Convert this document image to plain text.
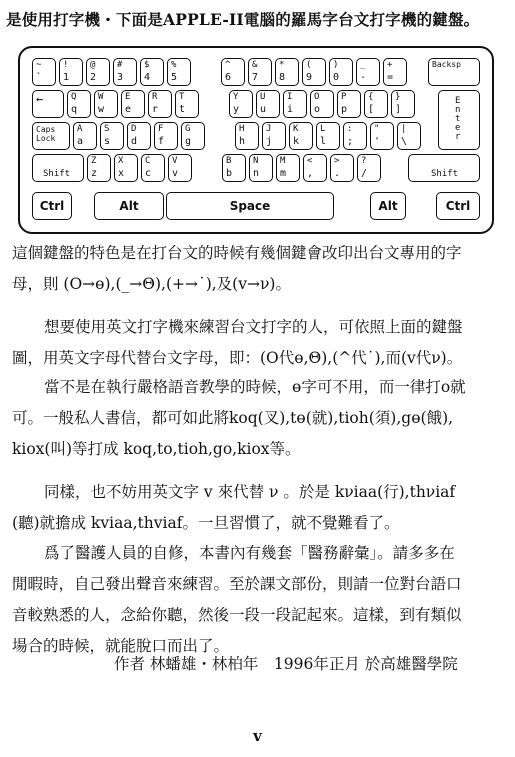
是使用打字機・下面是APPLE-II電腦的羅馬字台文打字機的鍵盤。
~
`
!
1
@
2
#
3
$
4
%
5
^
6
&
7
*
8
(
9
)
0
_
-
+
=
Backsp
←	Q
q
W
w
E
e
R
r
T
t
Y
y
U
u
I
i
O
o
P
p
{
[
}
]
Enter
Caps Lock
A
a
S
s
D
d
F
f
G
g
H
h
J
j
K
k
L
l
:
;
"
'
|
\
Shift
Z
z
X
x
C
c
V
v
B
b
N
n
M
m
<
,
>
.
?
/	Shift
Ctrl	Alt	Space	Alt	Ctrl
這個鍵盤的特色是在打台文的時候有幾個鍵會改印出台文專用的字
母，則 (O→ɵ),(_→Θ),(+→˙),及(v→ν)。
想要使用英文打字機來練習台文打字的人，可依照上面的鍵盤
圖，用英文字母代替台文字母，即：(O代ɵ,Θ),(^代˙),而(v代ν)。
當不是在執行嚴格語音教學的時候，ɵ字可不用，而一律打o就
可。一般私人書信，都可如此將koq(叉),tɵ(就),tioh(須),gɵ(餓),
kioх(叫)等打成 koq,to,tioh,go,kiox等。
同樣，也不妨用英文字 v 來代替 ν 。於是 kνiaa(行),thνiaf
(聽)就擔成 kviaa,thviaf。一旦習慣了，就不覺難看了。
爲了醫護人員的自修，本書內有幾套「醫務辭彙」。請多多在
閒暇時，自己發出聲音來練習。至於課文部份，則請一位對台語口
音較熟悉的人，念給你聽，然後一段一段記起來。這樣，到有類似
場合的時候，就能脫口而出了。
作者 林蟠雄・林柏年　1996年正月 於高雄醫學院
v
